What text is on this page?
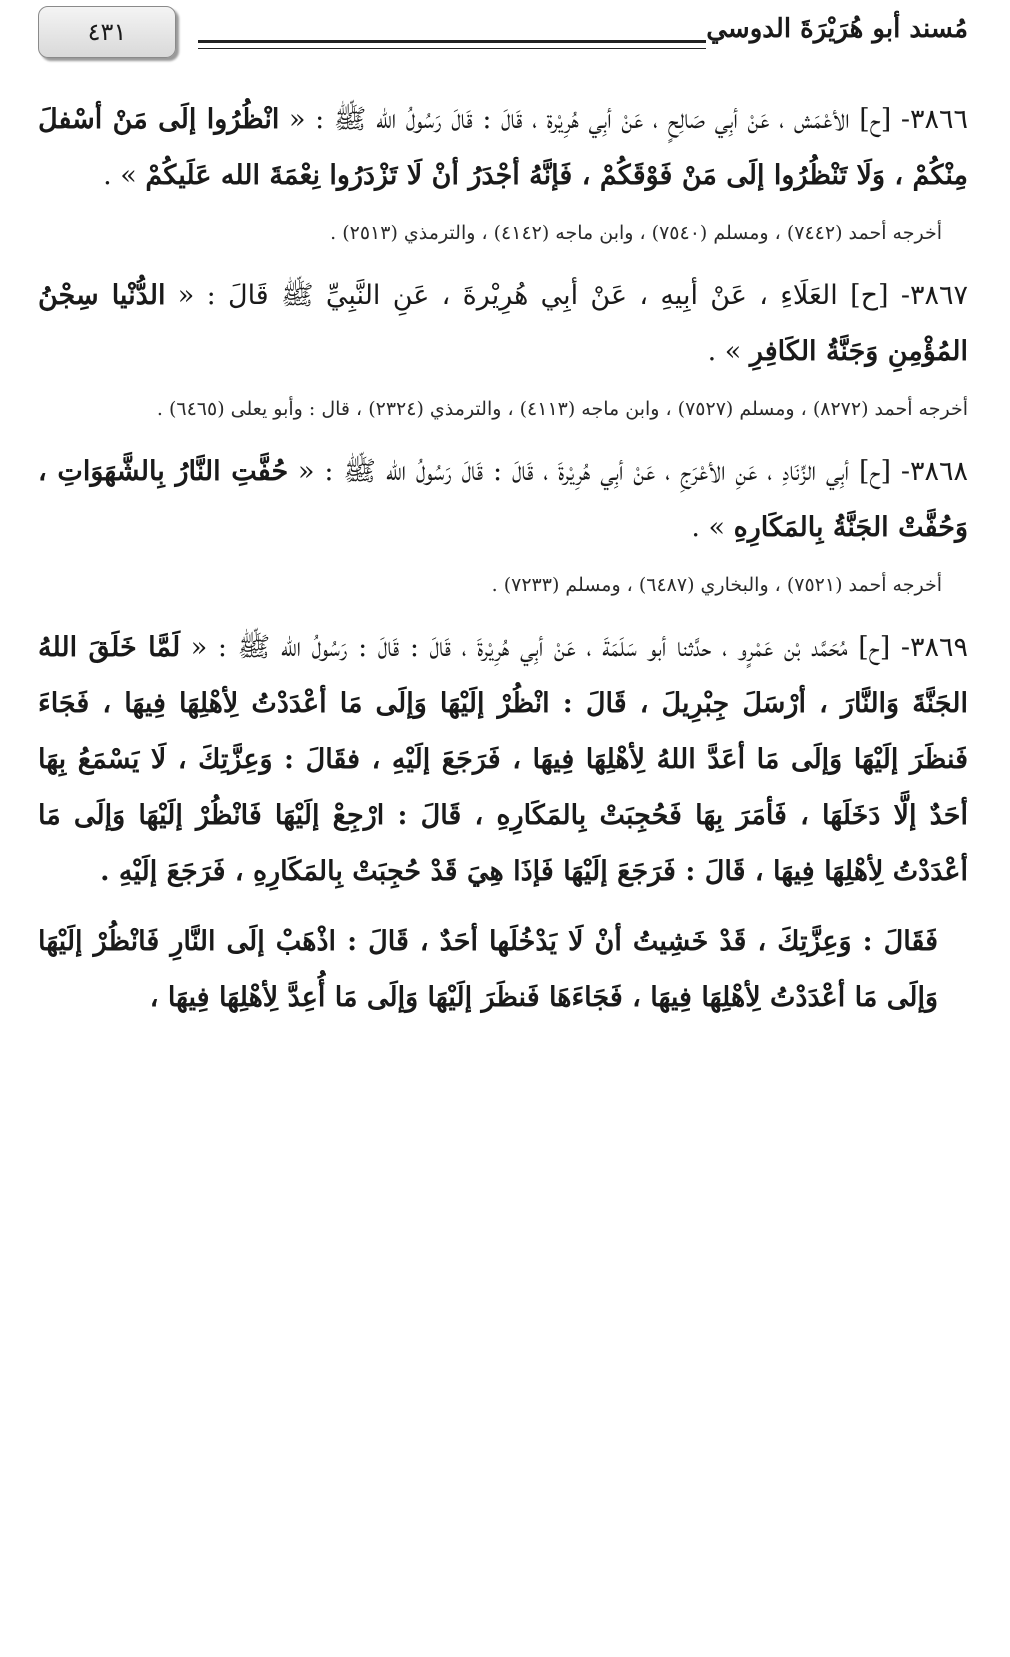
مُسند أبو هُرَيْرَةَ الدوسي
٤٣١

٣٨٦٦- [ح] الأعْمَش ، عَنْ أبِي صَالِحٍ ، عَنْ أبِي هُرِيْرة ، قَالَ : قَالَ رَسُولُ الله ﷺ : « انْظُرُوا إلَى مَنْ أسْفلَ مِنْكُمْ ، وَلَا تَنْظُرُوا إلَى مَنْ فَوْقَكُمْ ، فَإنَّهُ أجْدَرُ أنْ لَا تَزْدَرُوا نِعْمَةَ الله عَلَيكُمْ » .

أخرجه أحمد (٧٤٤٢) ، ومسلم (٧٥٤٠) ، وابن ماجه (٤١٤٢) ، والترمذي (٢٥١٣) .

٣٨٦٧- [ح] العَلَاءِ ، عَنْ أبِيهِ ، عَنْ أبِي هُرِيْرةَ ، عَنِ النَّبِيِّ ﷺ قَالَ : « الدُّنْيا سِجْنُ المُؤْمِنِ وَجَنَّةُ الكَافِرِ » .

أخرجه أحمد (٨٢٧٢) ، ومسلم (٧٥٢٧) ، وابن ماجه (٤١١٣) ، والترمذي (٢٣٢٤) ، قال : وأبو يعلى (٦٤٦٥) .

٣٨٦٨- [ح] أبِي الزِّنَادِ ، عَنِ الأعْرَجِ ، عَنْ أبِي هُرِيْرةَ ، قَالَ : قَالَ رَسُولُ الله ﷺ : « حُفَّتِ النَّارُ بِالشَّهَوَاتِ ، وَحُفَّتْ الجَنَّةُ بِالمَكَارِهِ » .

أخرجه أحمد (٧٥٢١) ، والبخاري (٦٤٨٧) ، ومسلم (٧٢٣٣) .

٣٨٦٩- [ح] مُحَمَّد بْن عَمْرٍو ، حدَّثنا أبو سَلَمَةَ ، عَنْ أبِي هُرِيْرةَ ، قَالَ : قَالَ : رَسُولُ الله ﷺ : « لَمَّا خَلَقَ اللهُ الجَنَّةَ وَالنَّارَ ، أرْسَلَ جِبْرِيلَ ، قَالَ : انْظُرْ إلَيْهَا وَإلَى مَا أعْدَدْتُ لِأهْلِهَا فِيهَا ، فَجَاءَ فَنظَرَ إلَيْهَا وَإلَى مَا أعَدَّ اللهُ لِأهْلِهَا فِيهَا ، فَرَجَعَ إلَيْهِ ، فقَالَ : وَعِزَّتِكَ ، لَا يَسْمَعُ بِهَا أحَدٌ إلَّا دَخَلَهَا ، فَأمَرَ بِهَا فَحُجِبَتْ بِالمَكَارِهِ ، قَالَ : ارْجِعْ إلَيْهَا فَانْظُرْ إلَيْهَا وَإلَى مَا أعْدَدْتُ لِأهْلِهَا فِيهَا ، قَالَ : فَرَجَعَ إلَيْهَا فَإذَا هِيَ قَدْ حُجِبَتْ بِالمَكَارِهِ ، فَرَجَعَ إلَيْهِ .

فَقَالَ : وَعِزَّتِكَ ، قَدْ خَشِيتُ أنْ لَا يَدْخُلَها أحَدٌ ، قَالَ : اذْهَبْ إلَى النَّارِ فَانْظُرْ إلَيْهَا وَإلَى مَا أعْدَدْتُ لِأهْلِهَا فِيهَا ، فَجَاءَهَا فَنظَرَ إلَيْهَا وَإلَى مَا أُعِدَّ لِأهْلِهَا فِيهَا ،
